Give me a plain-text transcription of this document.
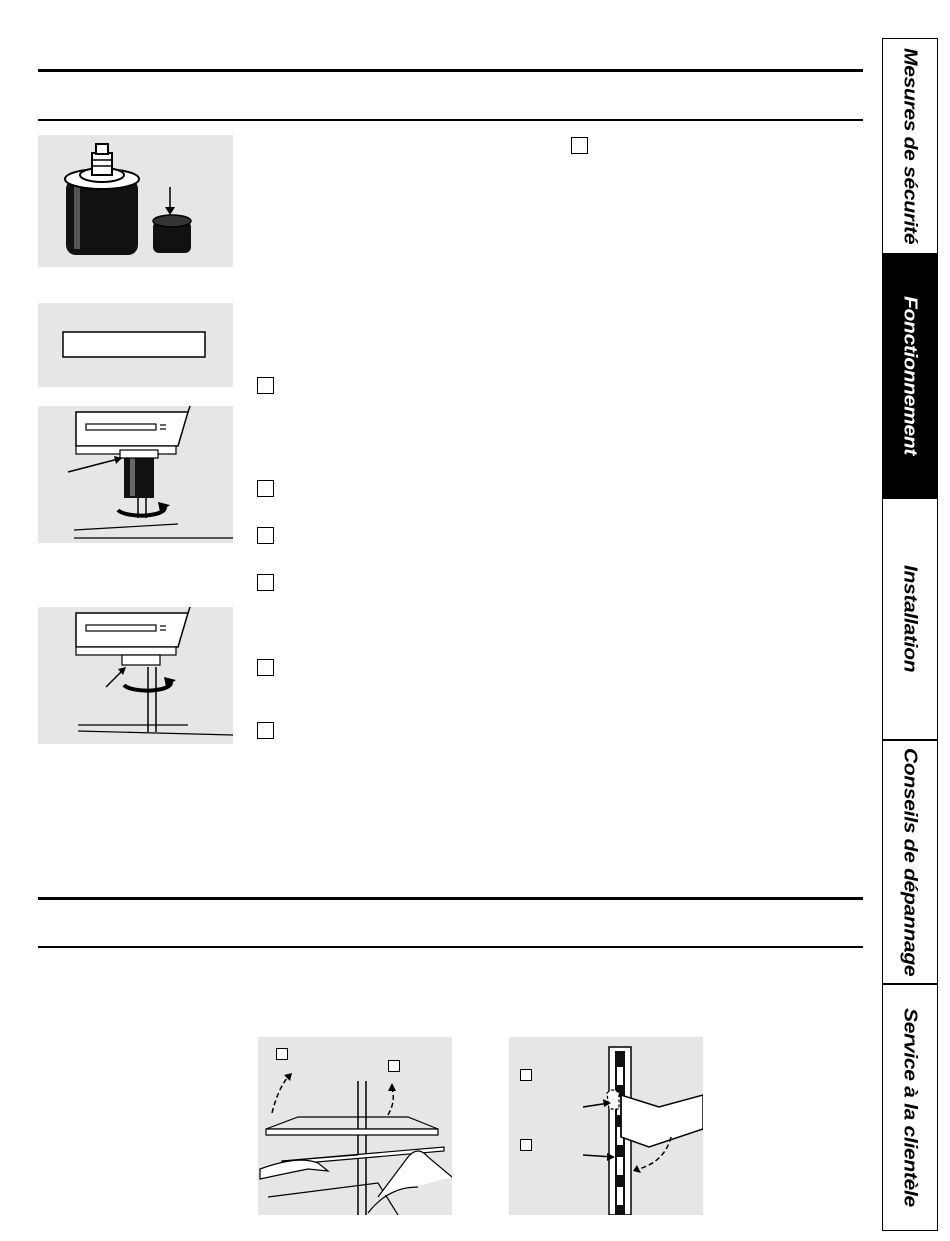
Mesures de sécurité
Fonctionnement
Installation
Conseils de dépannage
Service à la clientèle
